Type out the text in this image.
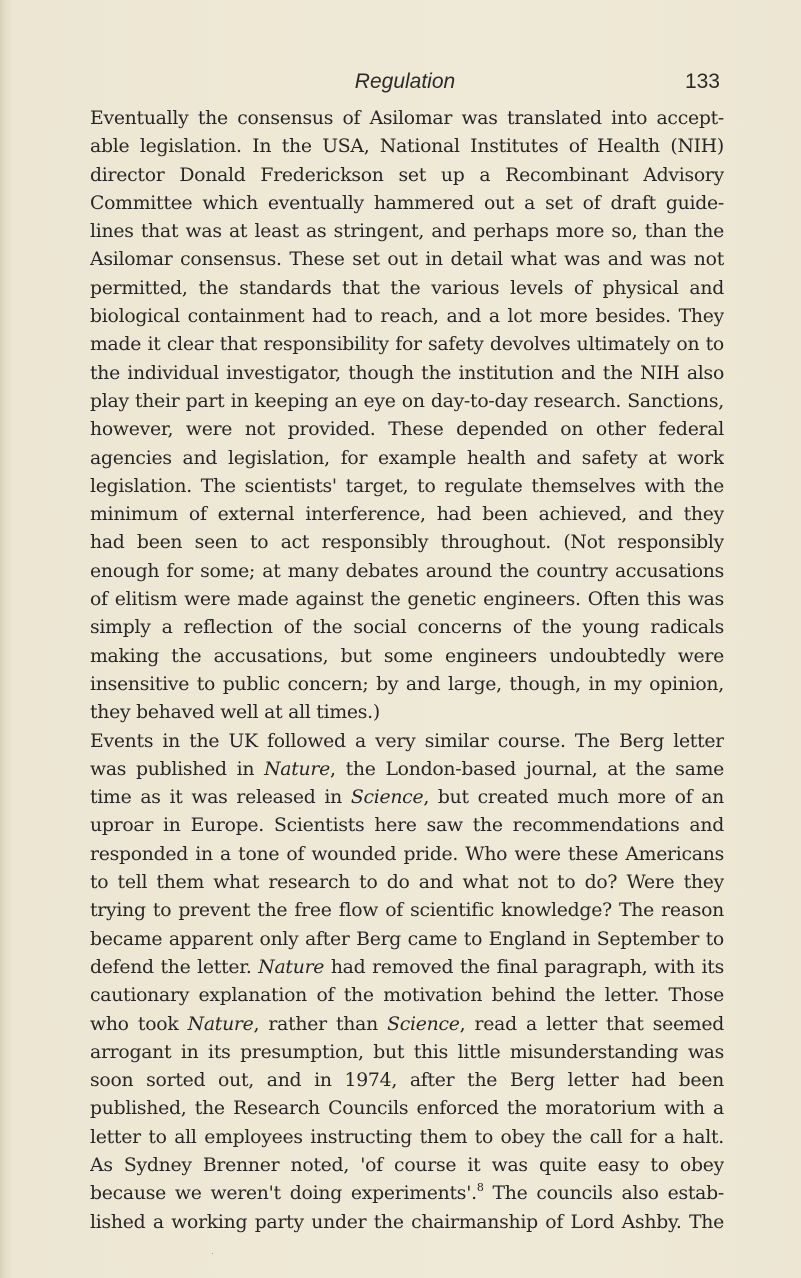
Regulation	133
Eventually the consensus of Asilomar was translated into accept-
able legislation. In the USA, National Institutes of Health (NIH)
director Donald Frederickson set up a Recombinant Advisory
Committee which eventually hammered out a set of draft guide-
lines that was at least as stringent, and perhaps more so, than the
Asilomar consensus. These set out in detail what was and was not
permitted, the standards that the various levels of physical and
biological containment had to reach, and a lot more besides. They
made it clear that responsibility for safety devolves ultimately on to
the individual investigator, though the institution and the NIH also
play their part in keeping an eye on day-to-day research. Sanctions,
however, were not provided. These depended on other federal
agencies and legislation, for example health and safety at work
legislation. The scientists' target, to regulate themselves with the
minimum of external interference, had been achieved, and they
had been seen to act responsibly throughout. (Not responsibly
enough for some; at many debates around the country accusations
of elitism were made against the genetic engineers. Often this was
simply a reflection of the social concerns of the young radicals
making the accusations, but some engineers undoubtedly were
insensitive to public concern; by and large, though, in my opinion,
they behaved well at all times.)
Events in the UK followed a very similar course. The Berg letter
was published in Nature, the London-based journal, at the same
time as it was released in Science, but created much more of an
uproar in Europe. Scientists here saw the recommendations and
responded in a tone of wounded pride. Who were these Americans
to tell them what research to do and what not to do? Were they
trying to prevent the free flow of scientific knowledge? The reason
became apparent only after Berg came to England in September to
defend the letter. Nature had removed the final paragraph, with its
cautionary explanation of the motivation behind the letter. Those
who took Nature, rather than Science, read a letter that seemed
arrogant in its presumption, but this little misunderstanding was
soon sorted out, and in 1974, after the Berg letter had been
published, the Research Councils enforced the moratorium with a
letter to all employees instructing them to obey the call for a halt.
As Sydney Brenner noted, 'of course it was quite easy to obey
because we weren't doing experiments'.$^8$ The councils also estab-
lished a working party under the chairmanship of Lord Ashby. The
